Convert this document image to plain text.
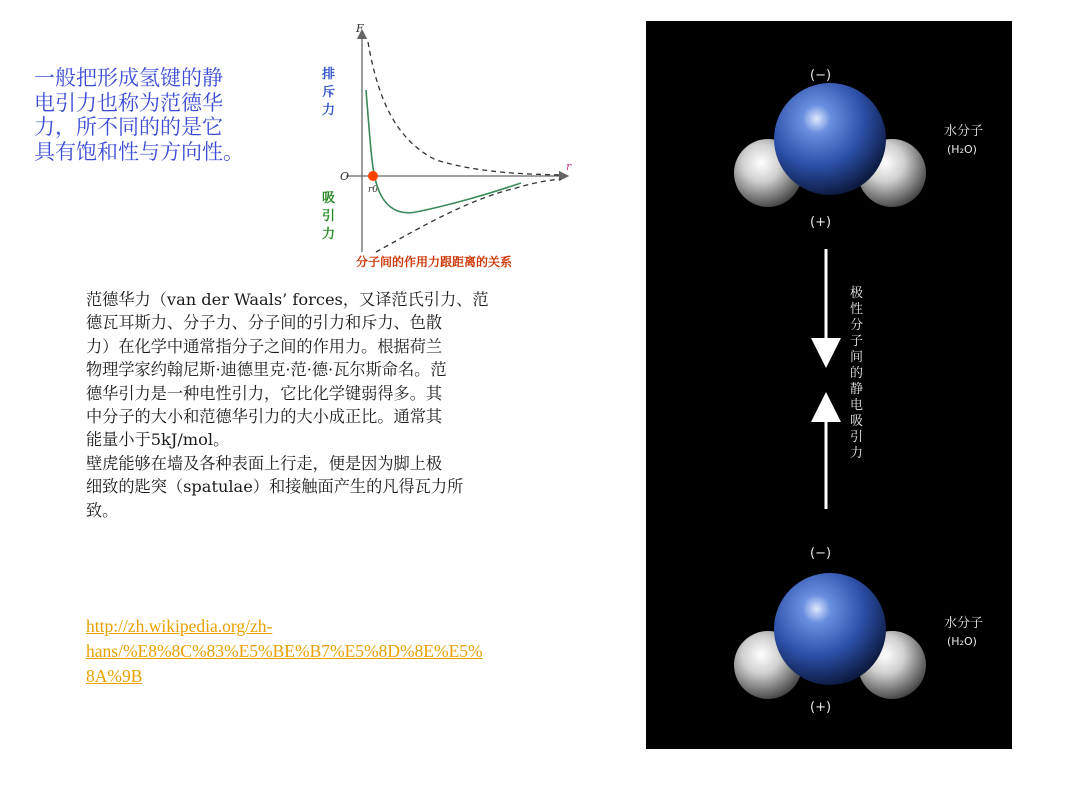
一般把形成氢键的静
电引力也称为范德华
力，所不同的的是它
具有饱和性与方向性。
F
r
O
r0
排
斥
力
吸
引
力
分子间的作用力跟距离的关系
范德华力（van der Waals’ forces，又译范氏引力、范
德瓦耳斯力、分子力、分子间的引力和斥力、色散
力）在化学中通常指分子之间的作用力。根据荷兰
物理学家约翰尼斯·迪德里克·范·德·瓦尔斯命名。范
德华引力是一种电性引力，它比化学键弱得多。其
中分子的大小和范德华引力的大小成正比。通常其
能量小于5kJ/mol。
壁虎能够在墙及各种表面上行走，便是因为脚上极
细致的匙突（spatulae）和接触面产生的凡得瓦力所
致。
http://zh.wikipedia.org/zh-
hans/%E8%8C%83%E5%BE%B7%E5%8D%8E%E5%
8A%9B
(−)
(+)
水分子
(H₂O)
极
性
分
子
间
的
静
电
吸
引
力
(−)
(+)
水分子
(H₂O)
